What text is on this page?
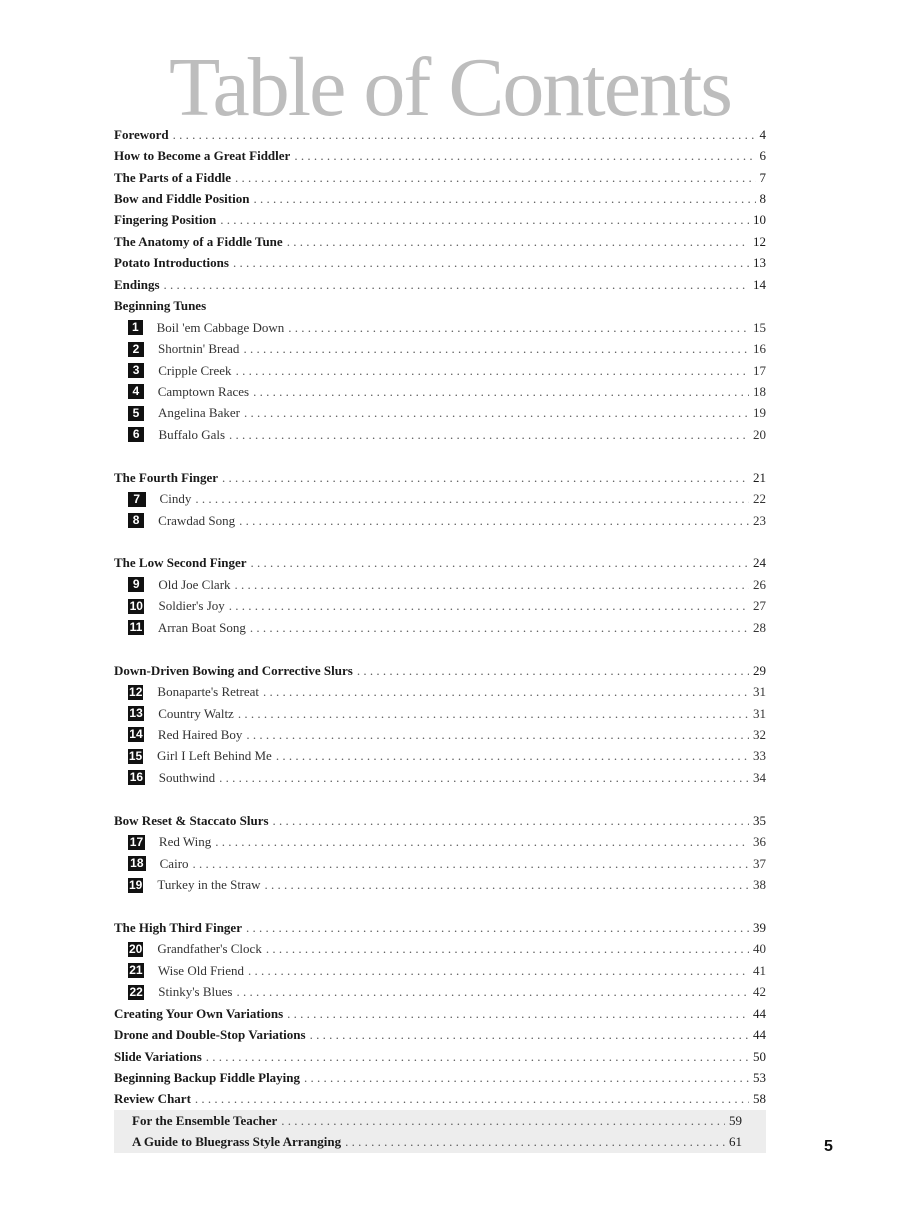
Table of Contents
Foreword . . .	4
How to Become a Great Fiddler . . .	6
The Parts of a Fiddle . . .	7
Bow and Fiddle Position . . .	8
Fingering Position . . .	10
The Anatomy of a Fiddle Tune . . .	12
Potato Introductions . . .	13
Endings . . .	14
Beginning Tunes
1	Boil 'em Cabbage Down . . .	15
2	Shortnin' Bread . . .	16
3	Cripple Creek . . .	17
4	Camptown Races . . .	18
5	Angelina Baker . . .	19
6	Buffalo Gals . . .	20
The Fourth Finger . . .	21
7	Cindy . . .	22
8	Crawdad Song . . .	23
The Low Second Finger . . .	24
9	Old Joe Clark . . .	26
10 Soldier's Joy . . .	27
11 Arran Boat Song . . .	28
Down-Driven Bowing and Corrective Slurs . . .	29
12 Bonaparte's Retreat . . .	31
13 Country Waltz . . .	31
14 Red Haired Boy . . .	32
15 Girl I Left Behind Me . . .	33
16 Southwind . . .	34
Bow Reset & Staccato Slurs . . .	35
17 Red Wing . . .	36
18 Cairo . . .	37
19 Turkey in the Straw . . .	38
The High Third Finger . . .	39
20 Grandfather's Clock . . .	40
21 Wise Old Friend . . .	41
22 Stinky's Blues . . .	42
Creating Your Own Variations . . .	44
Drone and Double-Stop Variations . . .	44
Slide Variations . . .	50
Beginning Backup Fiddle Playing . . .	53
Review Chart . . .	58
For the Ensemble Teacher . . .	59
A Guide to Bluegrass Style Arranging . . .	61	5
